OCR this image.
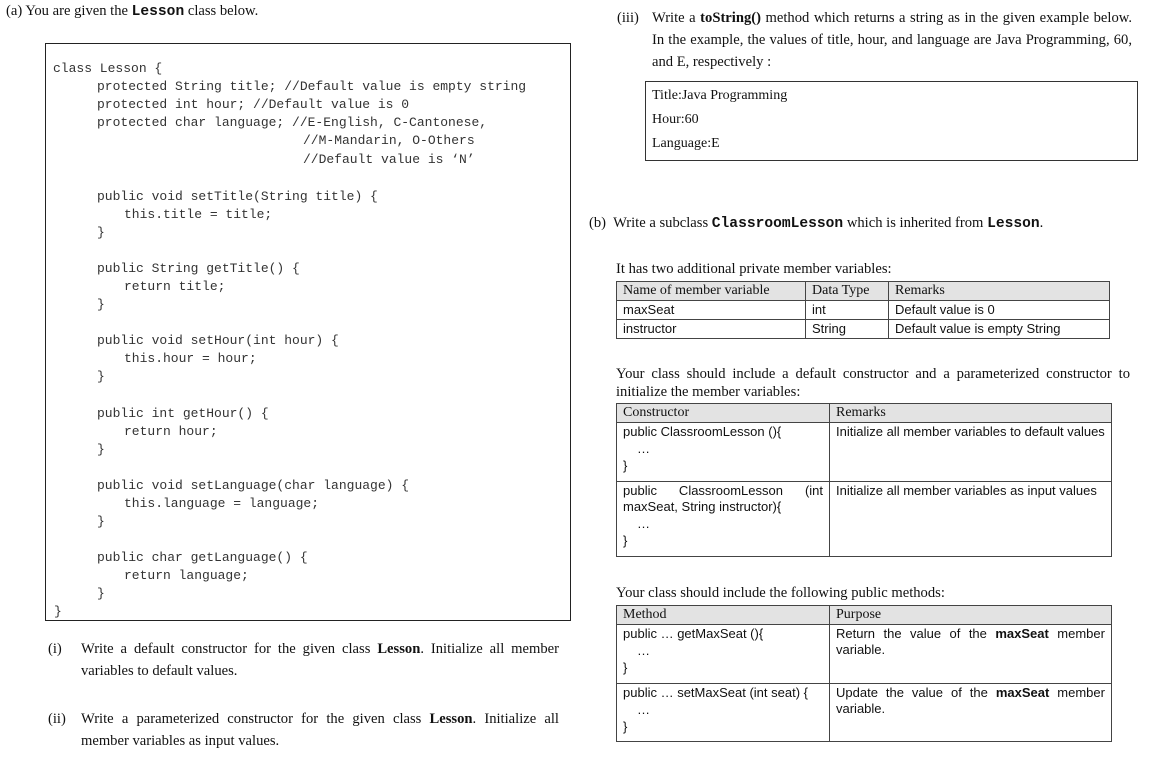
(a) You are given the Lesson class below.
class Lesson {
protected String title; //Default value is empty string
protected int hour; //Default value is 0
protected char language; //E-English, C-Cantonese,
//M-Mandarin, O-Others
//Default value is ‘N’
public void setTitle(String title) {
this.title = title;
}
public String getTitle() {
return title;
}
public void setHour(int hour) {
this.hour = hour;
}
public int getHour() {
return hour;
}
public void setLanguage(char language) {
this.language = language;
}
public char getLanguage() {
return language;
}
}
(i) Write a default constructor for the given class Lesson. Initialize all member variables to default values.
(ii) Write a parameterized constructor for the given class Lesson. Initialize all member variables as input values.
(iii) Write a toString() method which returns a string as in the given example below. In the example, the values of title, hour, and language are Java Programming, 60, and E, respectively :
Title:Java Programming
Hour:60
Language:E
(b) Write a subclass ClassroomLesson which is inherited from Lesson.
It has two additional private member variables:
Name of member variable	Data Type	Remarks
maxSeat	int	Default value is 0
instructor	String	Default value is empty String
Your class should include a default constructor and a parameterized constructor to initialize the member variables:
Constructor	Remarks
public ClassroomLesson (){
…
}	Initialize all member variables to default values
public ClassroomLesson (int maxSeat, String instructor){
…
}	Initialize all member variables as input values
Your class should include the following public methods:
Method	Purpose
public … getMaxSeat (){
…
}	Return the value of the maxSeat member variable.
public … setMaxSeat (int seat) {
…
}	Update the value of the maxSeat member variable.
